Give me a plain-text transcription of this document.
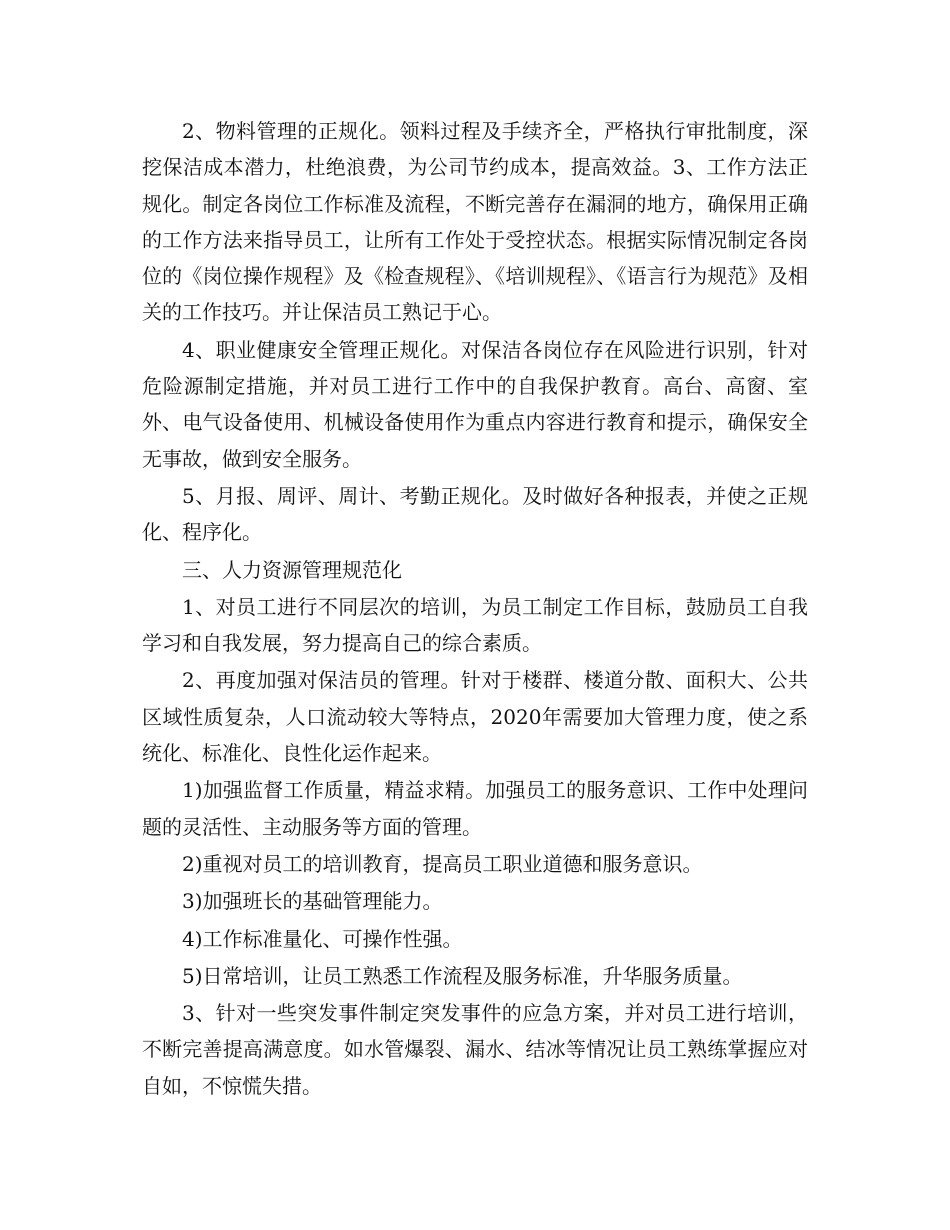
2、物料管理的正规化。领料过程及手续齐全，严格执行审批制度，深挖保洁成本潜力，杜绝浪费，为公司节约成本，提高效益。3、工作方法正规化。制定各岗位工作标准及流程，不断完善存在漏洞的地方，确保用正确的工作方法来指导员工，让所有工作处于受控状态。根据实际情况制定各岗位的《岗位操作规程》及《检查规程》、《培训规程》、《语言行为规范》及相关的工作技巧。并让保洁员工熟记于心。

4、职业健康安全管理正规化。对保洁各岗位存在风险进行识别，针对危险源制定措施，并对员工进行工作中的自我保护教育。高台、高窗、室外、电气设备使用、机械设备使用作为重点内容进行教育和提示，确保安全无事故，做到安全服务。

5、月报、周评、周计、考勤正规化。及时做好各种报表，并使之正规化、程序化。

三、人力资源管理规范化

1、对员工进行不同层次的培训，为员工制定工作目标，鼓励员工自我学习和自我发展，努力提高自己的综合素质。

2、再度加强对保洁员的管理。针对于楼群、楼道分散、面积大、公共区域性质复杂，人口流动较大等特点，2020年需要加大管理力度，使之系统化、标准化、良性化运作起来。

1)加强监督工作质量，精益求精。加强员工的服务意识、工作中处理问题的灵活性、主动服务等方面的管理。

2)重视对员工的培训教育，提高员工职业道德和服务意识。

3)加强班长的基础管理能力。

4)工作标准量化、可操作性强。

5)日常培训，让员工熟悉工作流程及服务标准，升华服务质量。

3、针对一些突发事件制定突发事件的应急方案，并对员工进行培训，不断完善提高满意度。如水管爆裂、漏水、结冰等情况让员工熟练掌握应对自如，不惊慌失措。
